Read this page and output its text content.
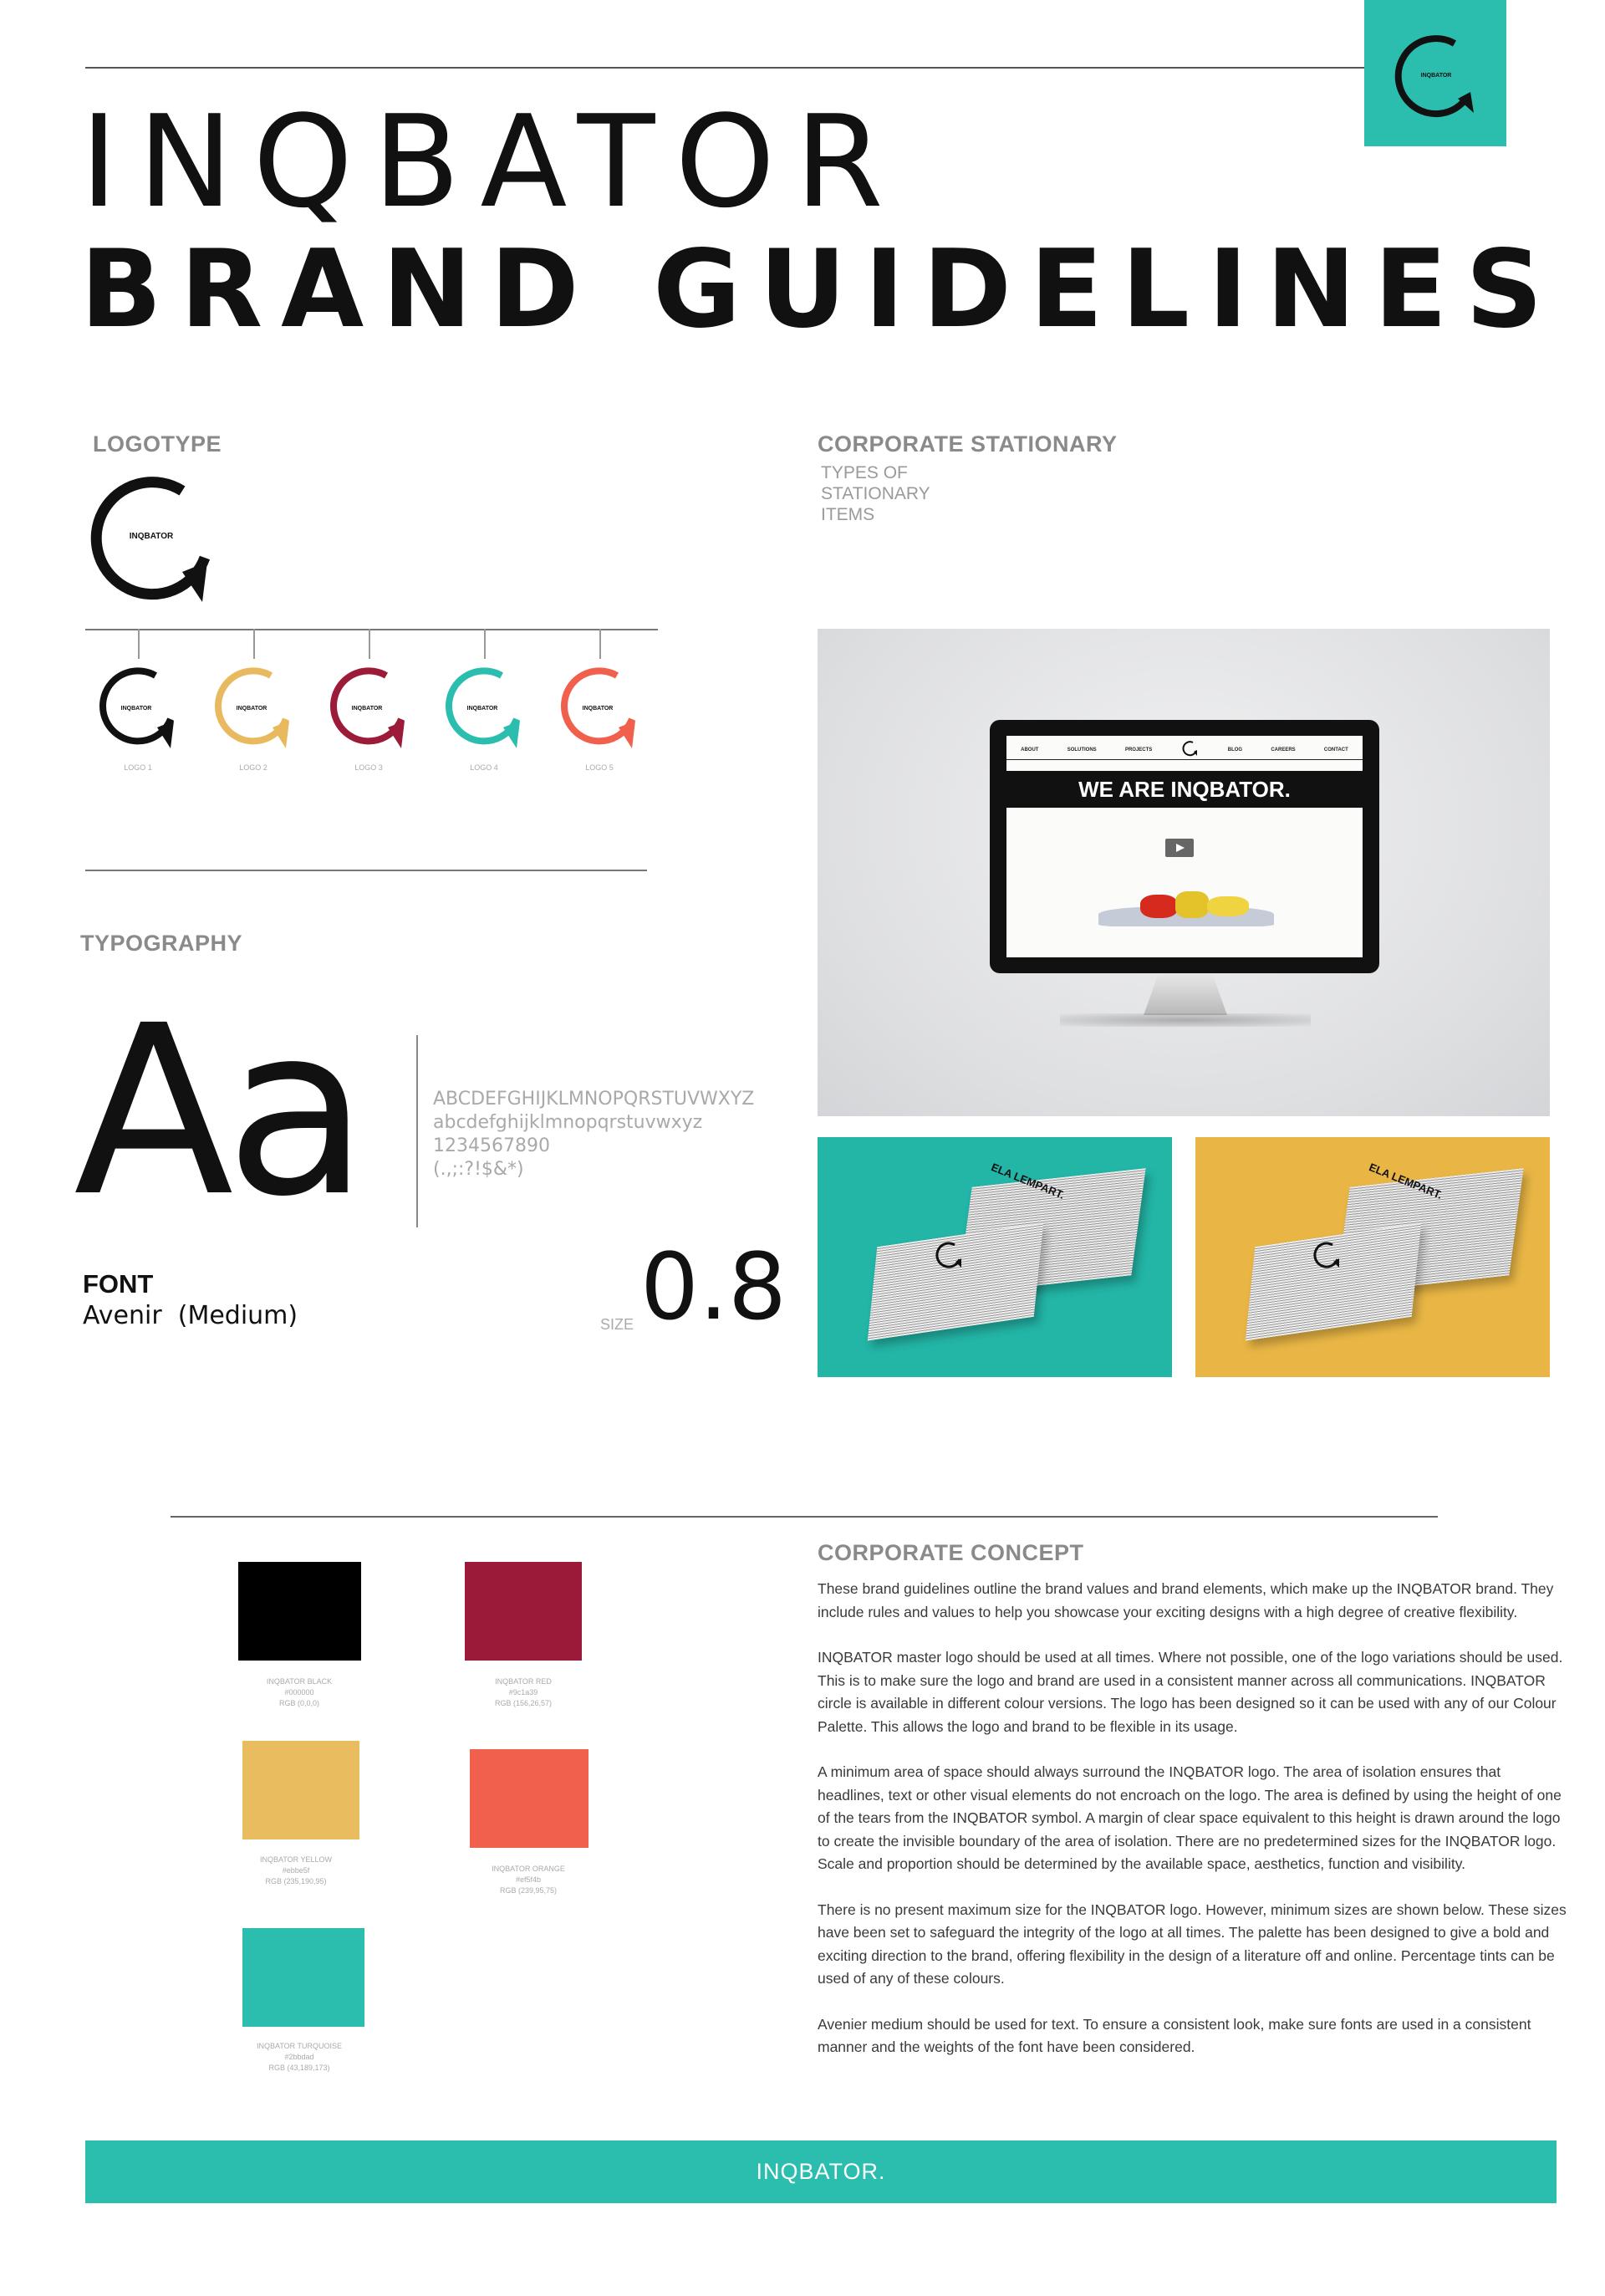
INQBATOR
INQBATOR
BRAND GUIDELINES
LOGOTYPE
INQBATOR
INQBATOR
LOGO 1
INQBATOR
LOGO 2
INQBATOR
LOGO 3
INQBATOR
LOGO 4
INQBATOR
LOGO 5
TYPOGRAPHY
Aa	ABCDEFGHIJKLMNOPQRSTUVWXYZ
abcdefghijklmnopqrstuvwxyz
1234567890
(.,;:?!$&*)
FONT
Avenir (Medium)	SIZE 0.8
CORPORATE STATIONARY
TYPES OF
STATIONARY
ITEMS
ABOUT	SOLUTIONS	PROJECTS	BLOG	CAREERS	CONTACT
WE ARE INQBATOR.
ELA LEMPART.	ELA LEMPART.
INQBATOR BLACK
#000000
RGB (0,0,0)
INQBATOR RED
#9c1a39
RGB (156,26,57)
INQBATOR YELLOW
#ebbe5f
RGB (235,190,95)
INQBATOR ORANGE
#ef5f4b
RGB (239,95,75)
INQBATOR TURQUOISE
#2bbdad
RGB (43,189,173)
CORPORATE CONCEPT

These brand guidelines outline the brand values and brand elements, which make up the INQBATOR brand. They include rules and values to help you showcase your exciting designs with a high degree of creative flexibility.

INQBATOR master logo should be used at all times. Where not possible, one of the logo variations should be used. This is to make sure the logo and brand are used in a consistent manner across all communications. INQBATOR circle is available in different colour versions. The logo has been designed so it can be used with any of our Colour Palette. This allows the logo and brand to be flexible in its usage.

A minimum area of space should always surround the INQBATOR logo. The area of isolation ensures that headlines, text or other visual elements do not encroach on the logo. The area is defined by using the height of one of the tears from the INQBATOR symbol. A margin of clear space equivalent to this height is drawn around the logo to create the invisible boundary of the area of isolation. There are no predetermined sizes for the INQBATOR logo. Scale and proportion should be determined by the available space, aesthetics, function and visibility.

There is no present maximum size for the INQBATOR logo. However, minimum sizes are shown below. These sizes have been set to safeguard the integrity of the logo at all times. The palette has been designed to give a bold and exciting direction to the brand, offering flexibility in the design of a literature off and online. Percentage tints can be used of any of these colours.

Avenier medium should be used for text. To ensure a consistent look, make sure fonts are used in a consistent manner and the weights of the font have been considered.

INQBATOR.
